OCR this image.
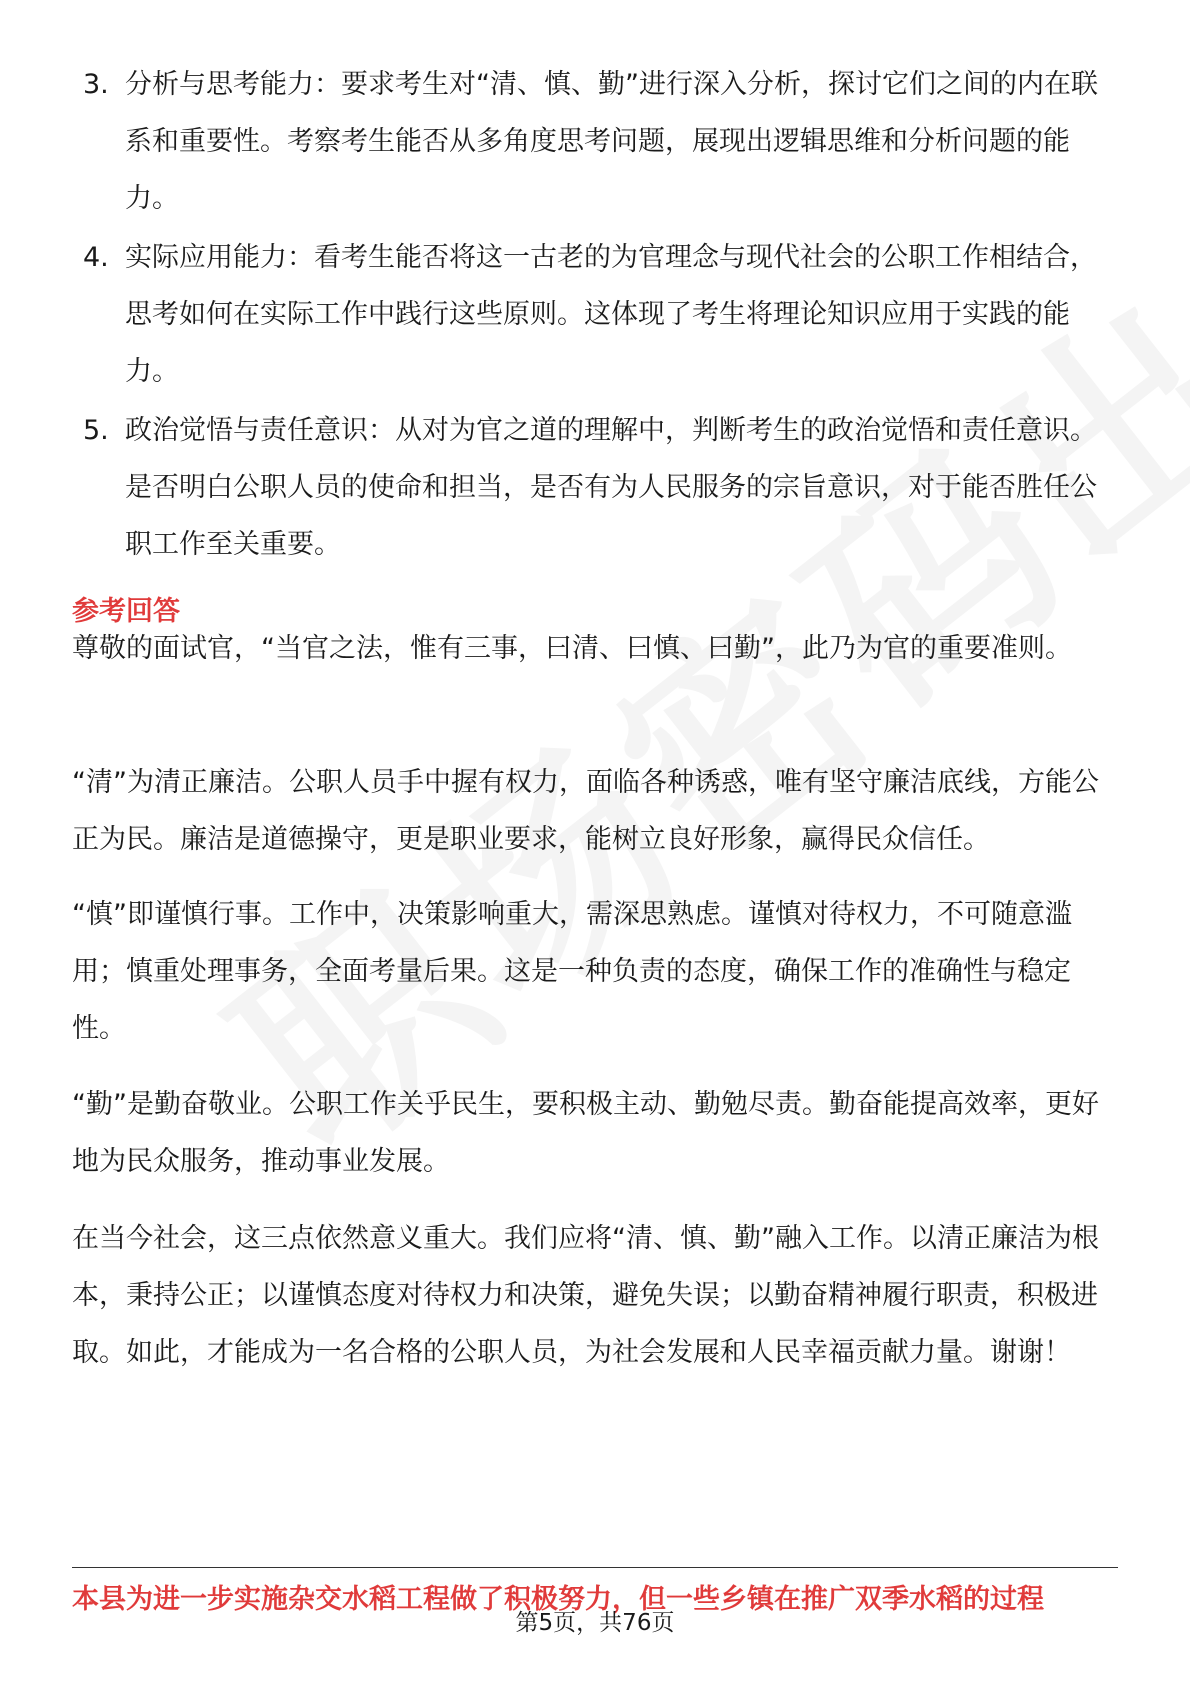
3. 分析与思考能力：要求考生对“清、慎、勤”进行深入分析，探讨它们之间的内在联系和重要性。考察考生能否从多角度思考问题，展现出逻辑思维和分析问题的能力。
4. 实际应用能力：看考生能否将这一古老的为官理念与现代社会的公职工作相结合，思考如何在实际工作中践行这些原则。这体现了考生将理论知识应用于实践的能力。
5. 政治觉悟与责任意识：从对为官之道的理解中，判断考生的政治觉悟和责任意识。是否明白公职人员的使命和担当，是否有为人民服务的宗旨意识，对于能否胜任公职工作至关重要。
参考回答

尊敬的面试官，“当官之法，惟有三事，曰清、曰慎、曰勤”，此乃为官的重要准则。

“清”为清正廉洁。公职人员手中握有权力，面临各种诱惑，唯有坚守廉洁底线，方能公正为民。廉洁是道德操守，更是职业要求，能树立良好形象，赢得民众信任。

“慎”即谨慎行事。工作中，决策影响重大，需深思熟虑。谨慎对待权力，不可随意滥用；慎重处理事务，全面考量后果。这是一种负责的态度，确保工作的准确性与稳定性。

“勤”是勤奋敬业。公职工作关乎民生，要积极主动、勤勉尽责。勤奋能提高效率，更好地为民众服务，推动事业发展。

在当今社会，这三点依然意义重大。我们应将“清、慎、勤”融入工作。以清正廉洁为根本，秉持公正；以谨慎态度对待权力和决策，避免失误；以勤奋精神履行职责，积极进取。如此，才能成为一名合格的公职人员，为社会发展和人民幸福贡献力量。谢谢！

本县为进一步实施杂交水稻工程做了积极努力，但一些乡镇在推广双季水稻的过程
第5页，共76页
